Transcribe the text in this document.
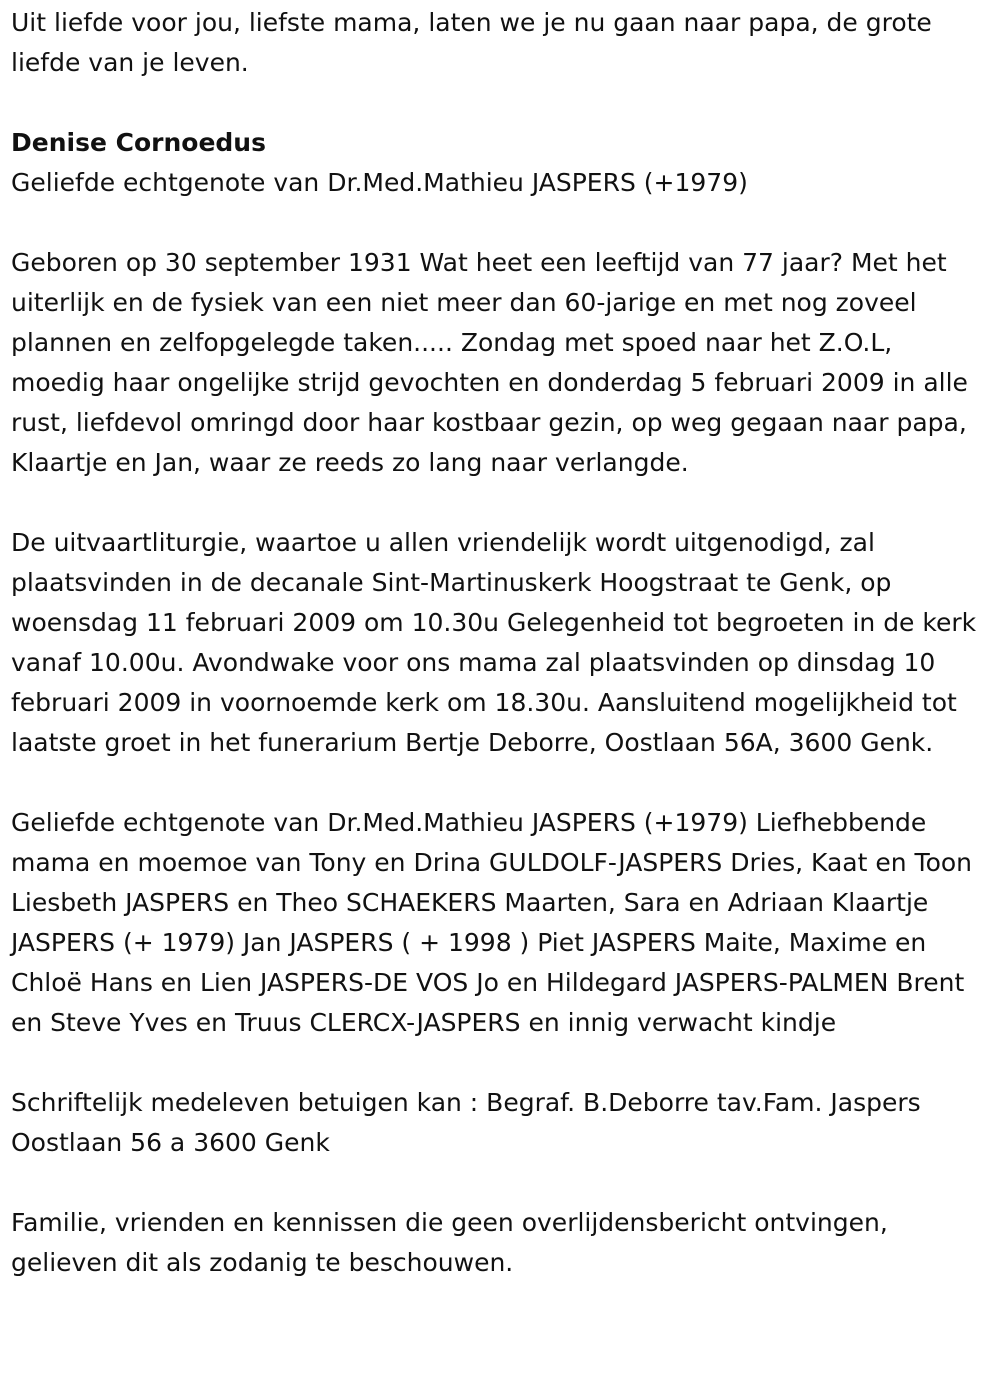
Uit liefde voor jou, liefste mama, laten we je nu gaan naar papa, de grote liefde van je leven.

Denise Cornoedus

Geliefde echtgenote van Dr.Med.Mathieu JASPERS (+1979)

Geboren op 30 september 1931 Wat heet een leeftijd van 77 jaar? Met het uiterlijk en de fysiek van een niet meer dan 60-jarige en met nog zoveel plannen en zelfopgelegde taken..... Zondag met spoed naar het Z.O.L, moedig haar ongelijke strijd gevochten en donderdag 5 februari 2009 in alle rust, liefdevol omringd door haar kostbaar gezin, op weg gegaan naar papa, Klaartje en Jan, waar ze reeds zo lang naar verlangde.

De uitvaartliturgie, waartoe u allen vriendelijk wordt uitgenodigd, zal plaatsvinden in de decanale Sint-Martinuskerk Hoogstraat te Genk, op woensdag 11 februari 2009 om 10.30u Gelegenheid tot begroeten in de kerk vanaf 10.00u. Avondwake voor ons mama zal plaatsvinden op dinsdag 10 februari 2009 in voornoemde kerk om 18.30u. Aansluitend mogelijkheid tot laatste groet in het funerarium Bertje Deborre, Oostlaan 56A, 3600 Genk.

Geliefde echtgenote van Dr.Med.Mathieu JASPERS (+1979) Liefhebbende mama en moemoe van Tony en Drina GULDOLF-JASPERS Dries, Kaat en Toon Liesbeth JASPERS en Theo SCHAEKERS Maarten, Sara en Adriaan Klaartje JASPERS (+ 1979) Jan JASPERS ( + 1998 ) Piet JASPERS Maite, Maxime en Chloë Hans en Lien JASPERS-DE VOS Jo en Hildegard JASPERS-PALMEN Brent en Steve Yves en Truus CLERCX-JASPERS en innig verwacht kindje

Schriftelijk medeleven betuigen kan : Begraf. B.Deborre tav.Fam. Jaspers Oostlaan 56 a 3600 Genk

Familie, vrienden en kennissen die geen overlijdensbericht ontvingen, gelieven dit als zodanig te beschouwen.
